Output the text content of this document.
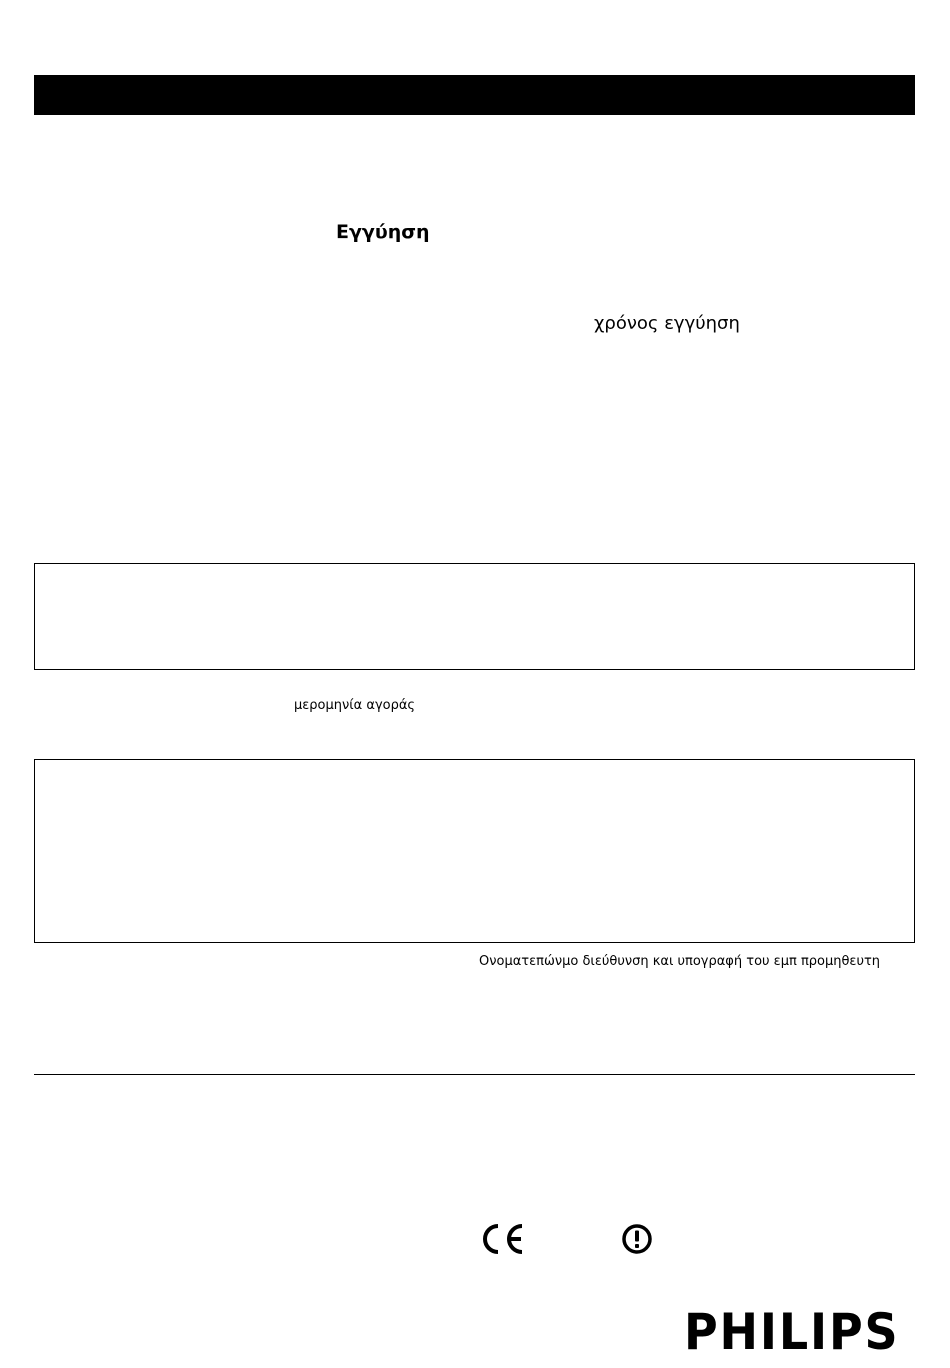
Εγγύηση
χρόνος εγγύηση
μερομηνία αγοράς
Ονοματεπώνμο διεύθυνση και υπογραφή του εμπ προμηθευτη
PHILIPS
